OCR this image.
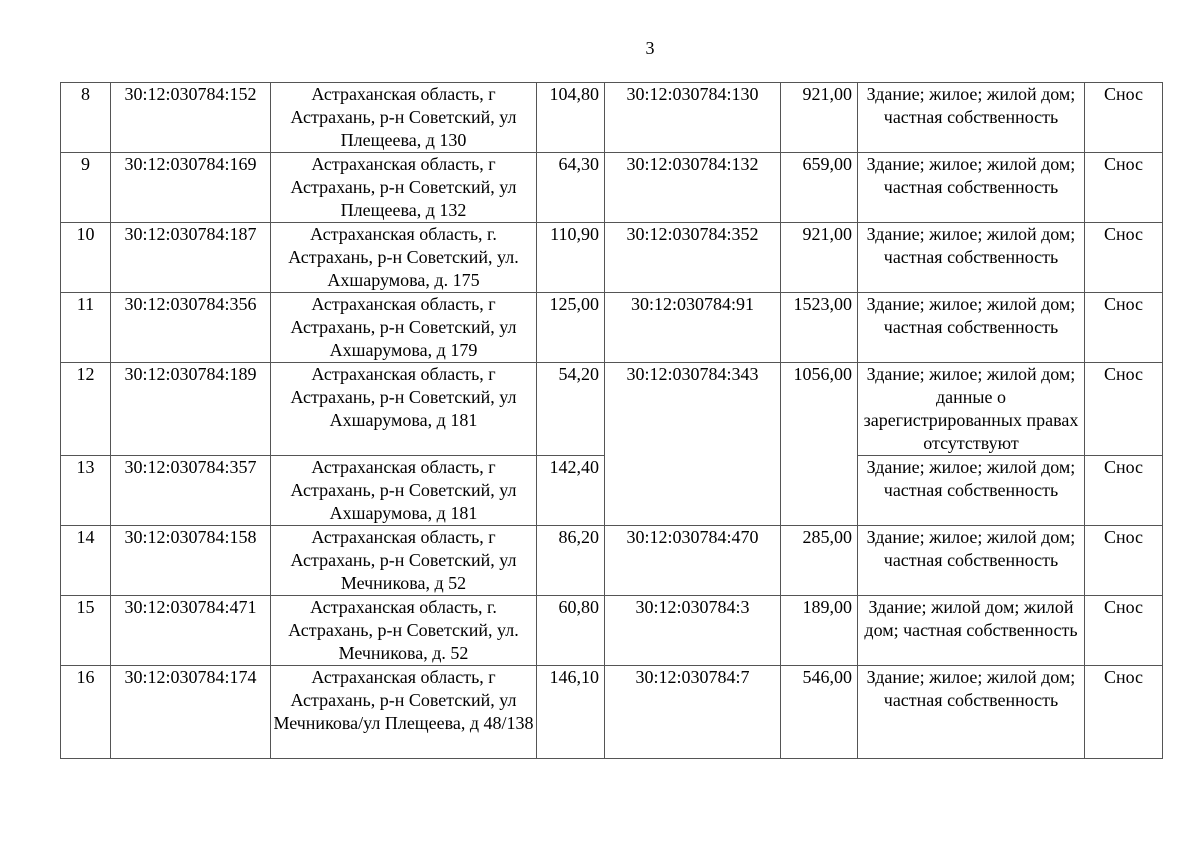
3
8	30:12:030784:152	Астраханская область, г Астрахань, р-н Советский, ул Плещеева, д 130	104,80	30:12:030784:130	921,00	Здание; жилое; жилой дом; частная собственность	Снос
9	30:12:030784:169	Астраханская область, г Астрахань, р-н Советский, ул Плещеева, д 132	64,30	30:12:030784:132	659,00	Здание; жилое; жилой дом; частная собственность	Снос
10	30:12:030784:187	Астраханская область, г. Астрахань, р-н Советский, ул. Ахшарумова, д. 175	110,90	30:12:030784:352	921,00	Здание; жилое; жилой дом; частная собственность	Снос
11	30:12:030784:356	Астраханская область, г Астрахань, р-н Советский, ул Ахшарумова, д 179	125,00	30:12:030784:91	1523,00	Здание; жилое; жилой дом; частная собственность	Снос
12	30:12:030784:189	Астраханская область, г Астрахань, р-н Советский, ул Ахшарумова, д 181	54,20	30:12:030784:343	1056,00	Здание; жилое; жилой дом; данные о зарегистрированных правах отсутствуют	Снос
13	30:12:030784:357	Астраханская область, г Астрахань, р-н Советский, ул Ахшарумова, д 181	142,40			Здание; жилое; жилой дом; частная собственность	Снос
14	30:12:030784:158	Астраханская область, г Астрахань, р-н Советский, ул Мечникова, д 52	86,20	30:12:030784:470	285,00	Здание; жилое; жилой дом; частная собственность	Снос
15	30:12:030784:471	Астраханская область, г. Астрахань, р-н Советский, ул. Мечникова, д. 52	60,80	30:12:030784:3	189,00	Здание; жилой дом; жилой дом; частная собственность	Снос
16	30:12:030784:174	Астраханская область, г Астрахань, р-н Советский, ул Мечникова/ул Плещеева, д 48/138	146,10	30:12:030784:7	546,00	Здание; жилое; жилой дом; частная собственность	Снос
